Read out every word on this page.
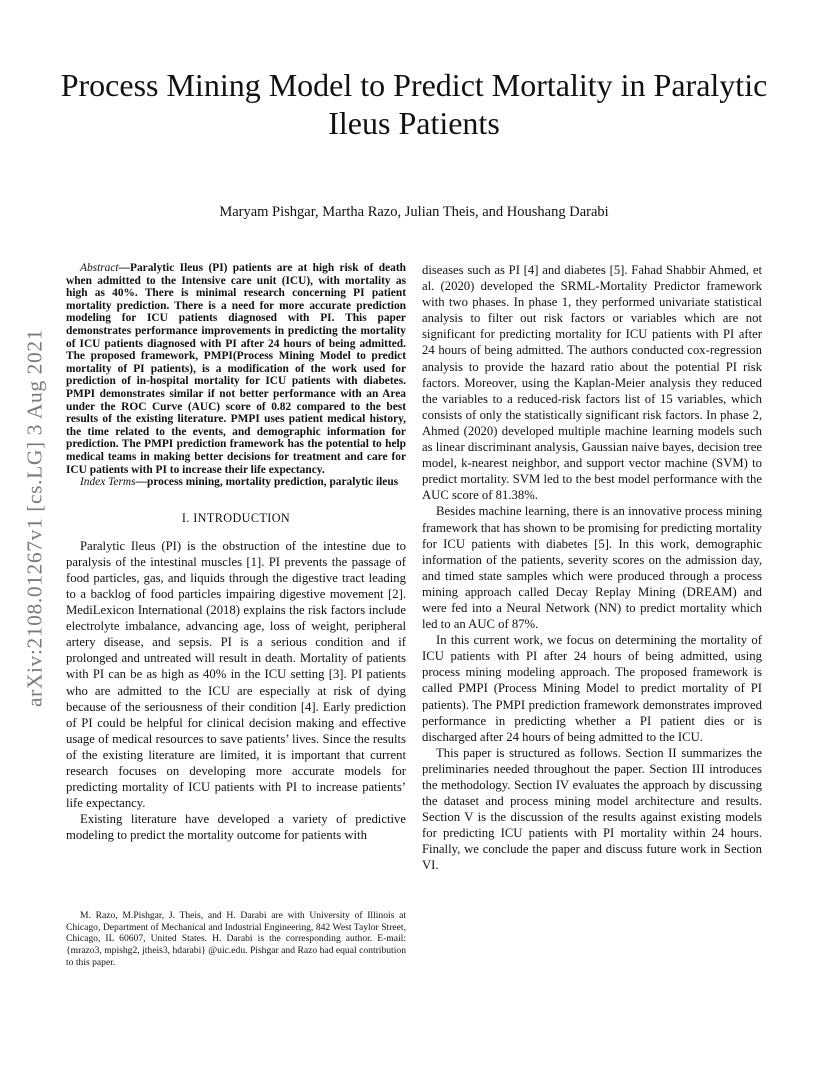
arXiv:2108.01267v1 [cs.LG] 3 Aug 2021
Process Mining Model to Predict Mortality in Paralytic Ileus Patients
Maryam Pishgar, Martha Razo, Julian Theis, and Houshang Darabi

Abstract—Paralytic Ileus (PI) patients are at high risk of death when admitted to the Intensive care unit (ICU), with mortality as high as 40%. There is minimal research concerning PI patient mortality prediction. There is a need for more accurate prediction modeling for ICU patients diagnosed with PI. This paper demonstrates performance improvements in predicting the mortality of ICU patients diagnosed with PI after 24 hours of being admitted. The proposed framework, PMPI(Process Mining Model to predict mortality of PI patients), is a modification of the work used for prediction of in-hospital mortality for ICU patients with diabetes. PMPI demonstrates similar if not better performance with an Area under the ROC Curve (AUC) score of 0.82 compared to the best results of the existing literature. PMPI uses patient medical history, the time related to the events, and demographic information for prediction. The PMPI prediction framework has the potential to help medical teams in making better decisions for treatment and care for ICU patients with PI to increase their life expectancy.

Index Terms—process mining, mortality prediction, paralytic ileus

I. INTRODUCTION

Paralytic Ileus (PI) is the obstruction of the intestine due to paralysis of the intestinal muscles [1]. PI prevents the passage of food particles, gas, and liquids through the digestive tract leading to a backlog of food particles impairing digestive movement [2]. MediLexicon International (2018) explains the risk factors include electrolyte imbalance, advancing age, loss of weight, peripheral artery disease, and sepsis. PI is a serious condition and if prolonged and untreated will result in death. Mortality of patients with PI can be as high as 40% in the ICU setting [3]. PI patients who are admitted to the ICU are especially at risk of dying because of the seriousness of their condition [4]. Early prediction of PI could be helpful for clinical decision making and effective usage of medical resources to save patients’ lives. Since the results of the existing literature are limited, it is important that current research focuses on developing more accurate models for predicting mortality of ICU patients with PI to increase patients’ life expectancy.

Existing literature have developed a variety of predictive modeling to predict the mortality outcome for patients with

diseases such as PI [4] and diabetes [5]. Fahad Shabbir Ahmed, et al. (2020) developed the SRML-Mortality Predictor framework with two phases. In phase 1, they performed univariate statistical analysis to filter out risk factors or variables which are not significant for predicting mortality for ICU patients with PI after 24 hours of being admitted. The authors conducted cox-regression analysis to provide the hazard ratio about the potential PI risk factors. Moreover, using the Kaplan-Meier analysis they reduced the variables to a reduced-risk factors list of 15 variables, which consists of only the statistically significant risk factors. In phase 2, Ahmed (2020) developed multiple machine learning models such as linear discriminant analysis, Gaussian naive bayes, decision tree model, k-nearest neighbor, and support vector machine (SVM) to predict mortality. SVM led to the best model performance with the AUC score of 81.38%.

Besides machine learning, there is an innovative process mining framework that has shown to be promising for predicting mortality for ICU patients with diabetes [5]. In this work, demographic information of the patients, severity scores on the admission day, and timed state samples which were produced through a process mining approach called Decay Replay Mining (DREAM) and were fed into a Neural Network (NN) to predict mortality which led to an AUC of 87%.

In this current work, we focus on determining the mortality of ICU patients with PI after 24 hours of being admitted, using process mining modeling approach. The proposed framework is called PMPI (Process Mining Model to predict mortality of PI patients). The PMPI prediction framework demonstrates improved performance in predicting whether a PI patient dies or is discharged after 24 hours of being admitted to the ICU.

This paper is structured as follows. Section II summarizes the preliminaries needed throughout the paper. Section III introduces the methodology. Section IV evaluates the approach by discussing the dataset and process mining model architecture and results. Section V is the discussion of the results against existing models for predicting ICU patients with PI mortality within 24 hours. Finally, we conclude the paper and discuss future work in Section VI.

M. Razo, M.Pishgar, J. Theis, and H. Darabi are with University of Illinois at Chicago, Department of Mechanical and Industrial Engineering, 842 West Taylor Street, Chicago, IL 60607, United States. H. Darabi is the corresponding author. E-mail: {mrazo3, mpishg2, jtheis3, hdarabi} @uic.edu. Pishgar and Razo had equal contribution to this paper.
